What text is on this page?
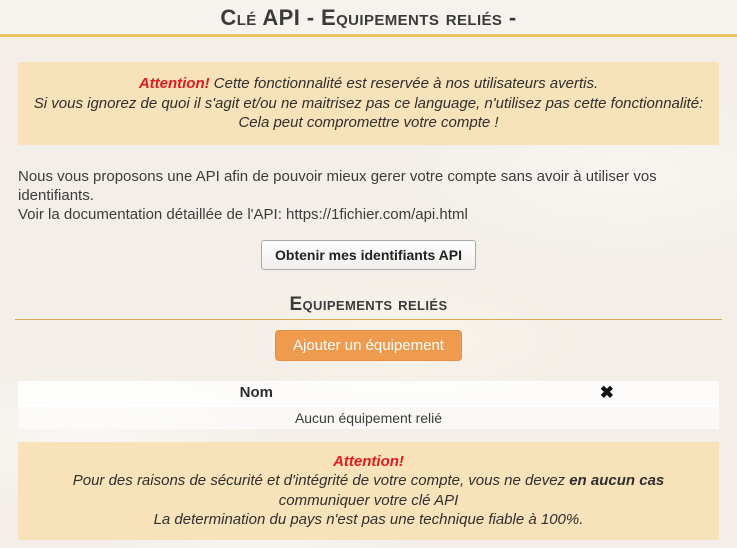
Clé API - Equipements reliés -
Attention! Cette fonctionnalité est reservée à nos utilisateurs avertis.
Si vous ignorez de quoi il s'agit et/ou ne maitrisez pas ce language, n'utilisez pas cette fonctionnalité:
Cela peut compromettre votre compte !
Nous vous proposons une API afin de pouvoir mieux gerer votre compte sans avoir à utiliser vos identifiants.
Voir la documentation détaillée de l'API: https://1fichier.com/api.html
Obtenir mes identifiants API
Equipements reliés
Ajouter un équipement
Nom	✖
Aucun équipement relié
Attention!
Pour des raisons de sécurité et d'intégrité de votre compte, vous ne devez en aucun cas
communiquer votre clé API
La determination du pays n'est pas une technique fiable à 100%.
